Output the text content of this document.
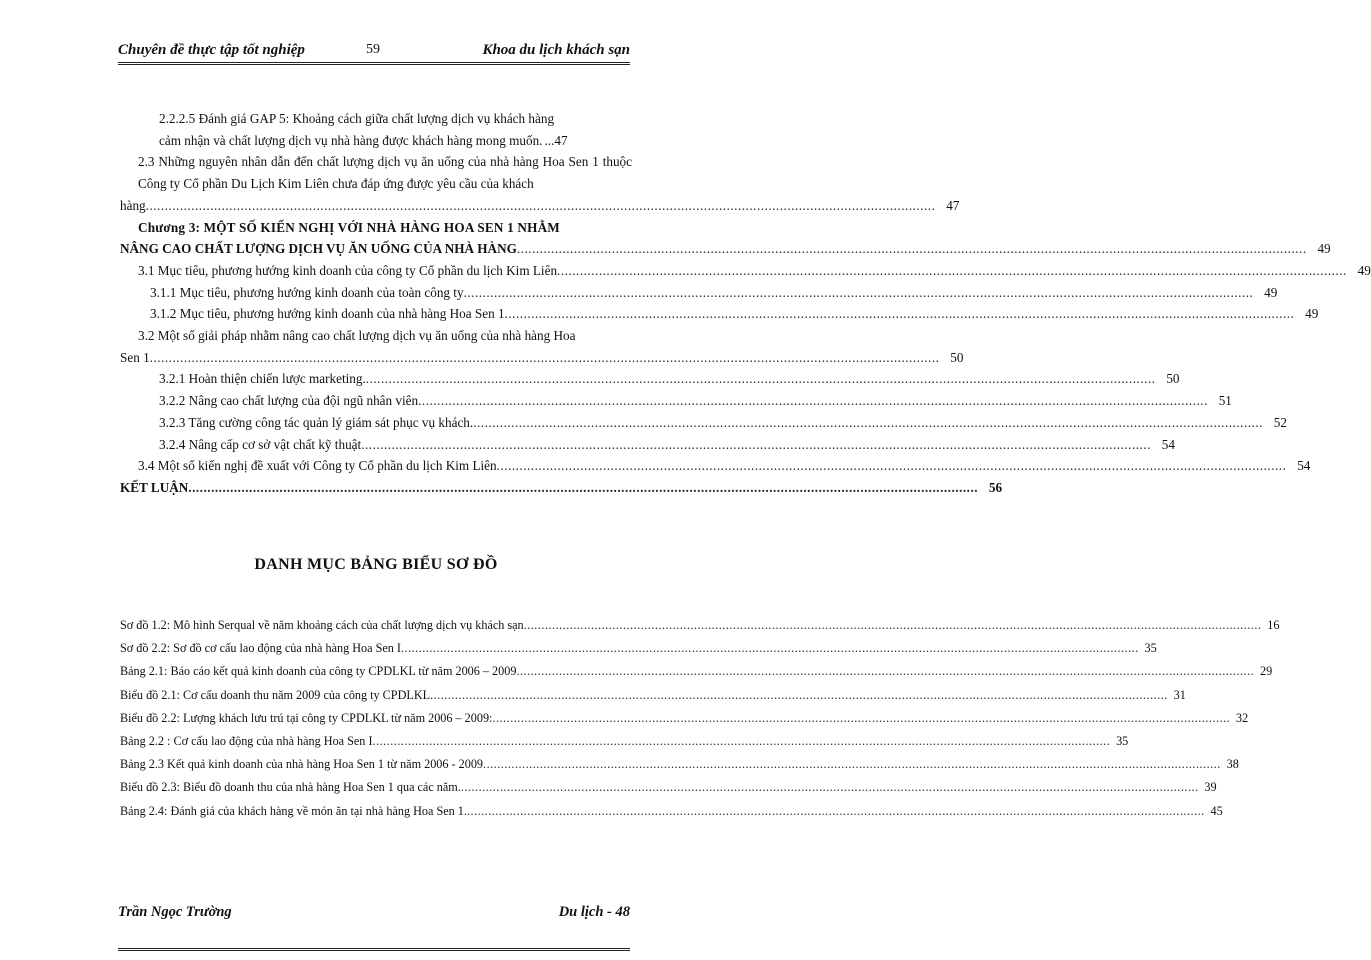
Chuyên đề thực tập tốt nghiệp	59	Khoa du lịch khách sạn
2.2.2.5 Đánh giá GAP 5: Khoảng cách giữa chất lượng dịch vụ khách hàng
cảm nhận và chất lượng dịch vụ nhà hàng được khách hàng mong muốn. ...47
2.3 Những nguyên nhân dẫn đến chất lượng dịch vụ ăn uống của nhà hàng Hoa Sen 1 thuộc Công ty Cổ phần Du Lịch Kim Liên chưa đáp ứng được yêu cầu của khách
hàng .....	47
Chương 3: MỘT SỐ KIẾN NGHỊ VỚI NHÀ HÀNG HOA SEN 1 NHẰM
NÂNG CAO CHẤT LƯỢNG DỊCH VỤ ĂN UỐNG CỦA NHÀ HÀNG .....	49
3.1 Mục tiêu, phương hướng kinh doanh của công ty Cổ phần du lịch Kim Liên .....	49
3.1.1 Mục tiêu, phương hướng kinh doanh của toàn công ty .....	49
3.1.2 Mục tiêu, phương hướng kinh doanh của nhà hàng Hoa Sen 1 .....	49
3.2 Một số giải pháp nhằm nâng cao chất lượng dịch vụ ăn uống của nhà hàng Hoa
Sen 1 .....	50
3.2.1 Hoàn thiện chiến lược marketing. .....	50
3.2.2 Nâng cao chất lượng của đội ngũ nhân viên .....	51
3.2.3 Tăng cường công tác quản lý giám sát phục vụ khách. .....	52
3.2.4 Nâng cấp cơ sở vật chất kỹ thuật .....	54
3.4 Một số kiến nghị đề xuất với Công ty Cổ phần du lịch Kim Liên .....	54
KẾT LUẬN .....	56
DANH MỤC BẢNG BIỂU SƠ ĐỒ
Sơ đồ 1.2: Mô hình Serqual về năm khoảng cách của chất lượng dịch vụ khách sạn .....	16
Sơ đồ 2.2: Sơ đồ cơ cấu lao động của nhà hàng Hoa Sen I .....	35
Bảng 2.1: Báo cáo kết quả kinh doanh của công ty CPDLKL từ năm 2006 – 2009 .....	29
Biểu đồ 2.1: Cơ cấu doanh thu năm 2009 của công ty CPDLKL .....	31
Biểu đồ 2.2: Lượng khách lưu trú tại công ty CPDLKL từ năm 2006 – 2009: .....	32
Bảng 2.2 : Cơ cấu lao động của nhà hàng Hoa Sen I .....	35
Bảng 2.3 Kết quả kinh doanh của nhà hàng Hoa Sen 1 từ năm 2006 - 2009 .....	38
Biểu đồ 2.3: Biểu đồ doanh thu của nhà hàng Hoa Sen 1 qua các năm. .....	39
Bảng 2.4: Đánh giá của khách hàng về món ăn tại nhà hàng Hoa Sen 1. .....	45
Trần Ngọc Trường	Du lịch - 48
